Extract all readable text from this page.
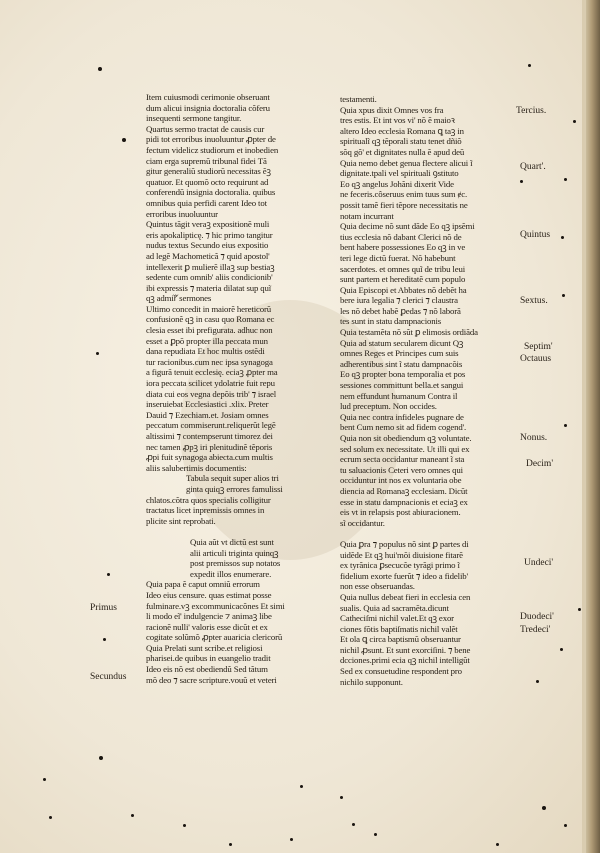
Item cuiusmodi cerimonie obseruant
dum alicui insignia doctoralia cõferu
insequenti sermone tangitur.
Quartus sermo tractat de causis cur
pidi tot erroribus inuoluuntur ꝓpter de
fectum videlicz studiorum et inobedien
ciam erga supremũ tribunal fidei Tã
gitur generaliũ studiorũ necessitas ẽꝫ
quatuor. Et quomõ octo requirunt ad
conferendũ insignia doctoralia. quibus
omnibus quia perfidi carent Ideo tot
erroribus inuoluuntur
Quintus tãgit veraꝫ expositionẽ muli
eris apokalipticę. ⁊ hic primo tangitur
nudus textus Secundo eius expositio
ad legẽ Machometicã ⁊ quid apostol'
intellexerit ꝑ mulierẽ illaꝫ sup bestiaꝫ
sedente cum omnib' aliis condicionib'
ibi expressis ⁊ materia dilatat sup quĩ
qꝫ admirᷓ sermones
Ultimo concedit in maiorẽ hereticorũ
confusionẽ qꝫ in casu quo Romana ec
clesia esset ibi prefigurata. adhuc non
esset a ꝑpõ propter illa peccata mun
dana repudiata Et hoc multis ostẽdi
tur racionibus.cum nec ipsa synagoga
a figurã tenuit ecclesię. eciaꝫ ꝓpter ma
iora peccata scilicet ydolatrie fuit repu
diata cui eos vegna depõis trib' ⁊ israel
inseruiebat Ecclesiastici .xlix. Preter
Dauid ⁊ Ezechiam.et. Josiam omnes
peccatum commiserunt.reliquerũt legẽ
altissimi ⁊ contempserunt timorez dei
nec tamen ꝓpꝫ iri plenitudinẽ tẽporis
ꝓpi fuit synagoga abiecta.cum multis
aliis salubertimis documentis:
Tabula sequit super alios tri
ginta quiqꝫ errores famulissi
chlatos.cõtra quos specialis colligitur
tractatus licet inpremissis omnes in
plicite sint reprobati.
Quia aũt vt dictũ est sunt
alii articuli triginta quinqꝫ
post premissos sup notatos
expedit illos enumerare.
Quia papa ẽ caput omniũ errorum
Ideo eius censure. quas estimat posse
fulminare.vꝫ excommunicacõnes Et simi
li modo eĩ' indulgencie ⁊ animaꝫ libe
racionẽ nulli' valoris esse dicũt et ex
cogitate solũmõ ꝓpter auaricia clericorũ
Quia Prelati sunt scribe.et religiosi
pharisei.de quibus in euangelio tradit
Ideo eis nõ est obediendũ Sed tãtum
mõ deo ⁊ sacre scripture.vouũ et veteri
testamenti.
Quia xpus dixit Omnes vos fra
tres estis. Et int vos vi' nõ ẽ maioꝛ
altero Ideo ecclesia Romana ꝗ taꝫ in
spiritualĩ qꝫ tẽporali statu tenet dñiõ
sõq gõ' et dignitates nulla ẽ apud deũ
Quia nemo debet genua flectere alicui ĩ
dignitate.tpali vel spirituali ꝯstituto
Eo qꝫ angelus Johãni dixerit Vide
ne feceris.côseruus enim tuus sum ɇc.
possit tamẽ fieri tẽpore necessitatis ne
notam incurrant
Quia decime nõ sunt dãde Eo qꝫ ipsẽmi
tius ecclesia nõ dabant Clerici nõ de
bent habere possessiones Eo qꝫ in ve
teri lege dictũ fuerat. Nõ habebunt
sacerdotes. et omnes quĩ de tribu leui
sunt partem et hereditatẽ cum populo
Quia Episcopi et Abbates nõ debẽt ha
bere iura legalia ⁊ clerici ⁊ claustra
les nõ debet habẽ ꝑedas ⁊ nõ laborã
tes sunt in statu dampnacionis
Quia testamẽta nõ sũt ꝑ elimosis ordiãda
Quia ad statum secularem dicunt Qꝫ
omnes Reges et Principes cum suis
adherentibus sint ĩ statu dampnacõis
Eo qꝫ propter bona temporalia et pos
sessiones committunt bella.et sangui
nem effundunt humanum Contra il
lud preceptum. Non occides.
Quia nec contra infideles pugnare de
bent Cum nemo sit ad fidem cogend'.
Quia non sit obediendum qꝫ voluntate.
sed solum ex necessitate. Ut illi qui ex
ecrum secta occidantur maneant ĩ sta
tu saluacionis Ceteri vero omnes qui
occiduntur int nos ex voluntaria obe
diencia ad Romanaꝫ ecclesiam. Dicũt
esse in statu dampnacionis et eciaꝫ ex
eis vt in relapsis post abiuracionem.
sĩ occidantur.
Quia ꝑra ⁊ populus nõ sint ꝑ partes di
uidẽde Et qꝫ hui'mõi diuisione fitarẽ
ex tyrãnica ꝑsecucõe tyrãgi primo ĩ
fidelium exorte fuerũt ⁊ ideo a fidelib'
non esse obseruandas.
Quia nullus debeat fieri in ecclesia cen
sualis. Quia ad sacramẽta.dicunt
Catheciſmi nichil valet.Et qꝫ exor
ciones fõtis baptiſmatis nichil valẽt
Et ola ꝗ circa baptismũ obseruantur
nichil ꝓsunt. Et sunt exorciſini. ⁊ bene
dcciones.primi ecia qꝫ nichil intelligũt
Sed ex consuetudine respondent pro
nichilo supponunt.
Tercius.
Quart'.
Quintus
Sextus.
Septim'
Octauus
Nonus.
Decim'
Undeci'
Duodeci'
Tredeci'
Primus
Secundus
